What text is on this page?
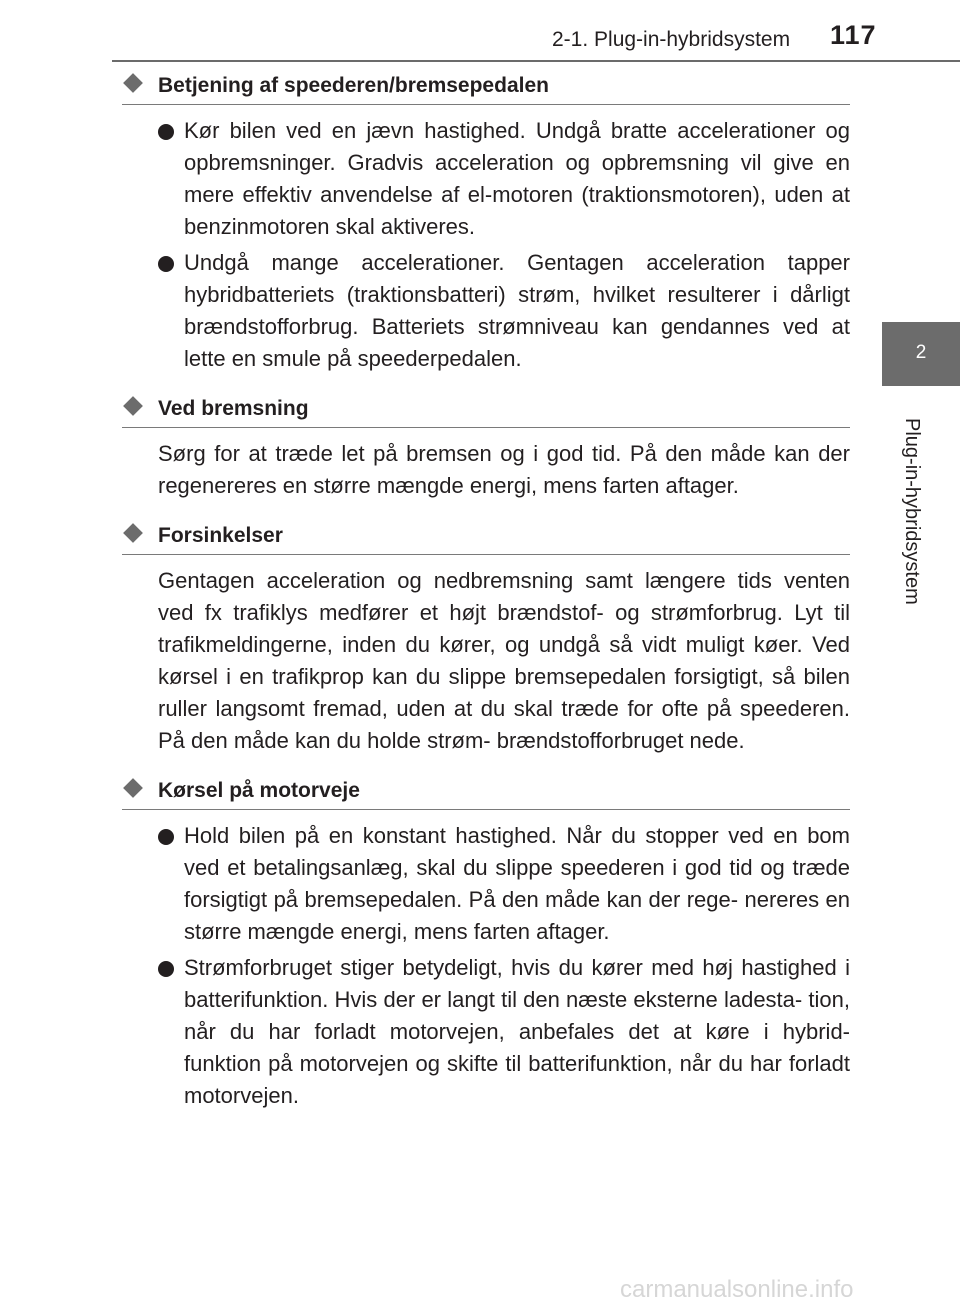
2-1. Plug-in-hybridsystem 117
2
Plug-in-hybridsystem
Betjening af speederen/bremsepedalen
Kør bilen ved en jævn hastighed. Undgå bratte accelerationer og opbremsninger. Gradvis acceleration og opbremsning vil give en mere effektiv anvendelse af el-motoren (traktionsmotoren), uden at benzinmotoren skal aktiveres.
Undgå mange accelerationer. Gentagen acceleration tapper hybridbatteriets (traktionsbatteri) strøm, hvilket resulterer i dårligt brændstofforbrug. Batteriets strømniveau kan gendannes ved at lette en smule på speederpedalen.
Ved bremsning
Sørg for at træde let på bremsen og i god tid. På den måde kan der regenereres en større mængde energi, mens farten aftager.
Forsinkelser
Gentagen acceleration og nedbremsning samt længere tids venten ved fx trafiklys medfører et højt brændstof- og strømforbrug. Lyt til trafikmeldingerne, inden du kører, og undgå så vidt muligt køer. Ved kørsel i en trafikprop kan du slippe bremsepedalen forsigtigt, så bilen ruller langsomt fremad, uden at du skal træde for ofte på speederen. På den måde kan du holde strøm- brændstofforbruget nede.
Kørsel på motorveje
Hold bilen på en konstant hastighed. Når du stopper ved en bom ved et betalingsanlæg, skal du slippe speederen i god tid og træde forsigtigt på bremsepedalen. På den måde kan der rege- nereres en større mængde energi, mens farten aftager.
Strømforbruget stiger betydeligt, hvis du kører med høj hastighed i batterifunktion. Hvis der er langt til den næste eksterne ladesta- tion, når du har forladt motorvejen, anbefales det at køre i hybrid- funktion på motorvejen og skifte til batterifunktion, når du har forladt motorvejen.
carmanualsonline.info
